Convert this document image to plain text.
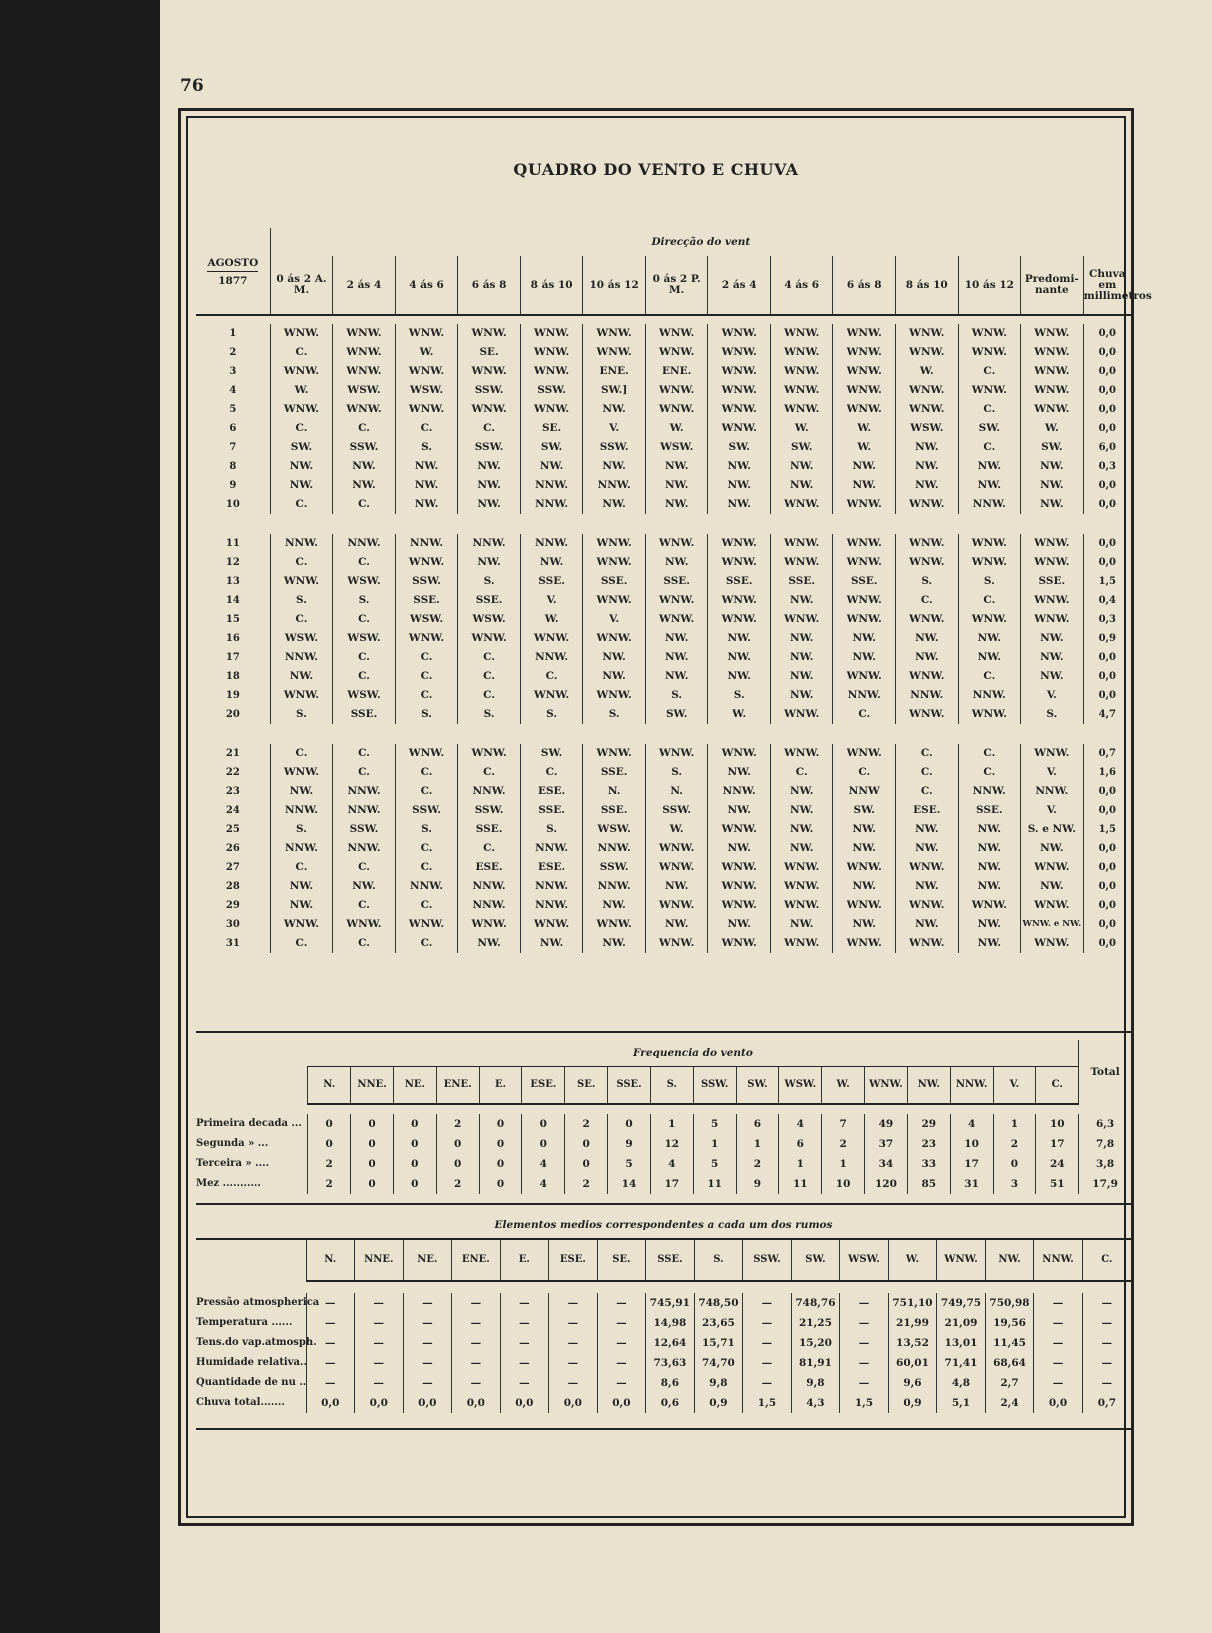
76
QUADRO DO VENTO E CHUVA
AGOSTO

1877	Direcção do vent													
	0 ás 2 A. M.	2 ás 4	4 ás 6	6 ás 8	8 ás 10	10 ás 12	0 ás 2 P. M.	2 ás 4	4 ás 6	6 ás 8	8 ás 10	10 ás 12	Predomi-nante	Chuva em millimetros

1	WNW.	WNW.	WNW.	WNW.	WNW.	WNW.	WNW.	WNW.	WNW.	WNW.	WNW.	WNW.	WNW.	0,0
2	C.	WNW.	W.	SE.	WNW.	WNW.	WNW.	WNW.	WNW.	WNW.	WNW.	WNW.	WNW.	0,0
3	WNW.	WNW.	WNW.	WNW.	WNW.	ENE.	ENE.	WNW.	WNW.	WNW.	W.	C.	WNW.	0,0
4	W.	WSW.	WSW.	SSW.	SSW.	SW.]	WNW.	WNW.	WNW.	WNW.	WNW.	WNW.	WNW.	0,0
5	WNW.	WNW.	WNW.	WNW.	WNW.	NW.	WNW.	WNW.	WNW.	WNW.	WNW.	C.	WNW.	0,0
6	C.	C.	C.	C.	SE.	V.	W.	WNW.	W.	W.	WSW.	SW.	W.	0,0
7	SW.	SSW.	S.	SSW.	SW.	SSW.	WSW.	SW.	SW.	W.	NW.	C.	SW.	6,0
8	NW.	NW.	NW.	NW.	NW.	NW.	NW.	NW.	NW.	NW.	NW.	NW.	NW.	0,3
9	NW.	NW.	NW.	NW.	NNW.	NNW.	NW.	NW.	NW.	NW.	NW.	NW.	NW.	0,0
10	C.	C.	NW.	NW.	NNW.	NW.	NW.	NW.	WNW.	WNW.	WNW.	NNW.	NW.	0,0

11	NNW.	NNW.	NNW.	NNW.	NNW.	WNW.	WNW.	WNW.	WNW.	WNW.	WNW.	WNW.	WNW.	0,0
12	C.	C.	WNW.	NW.	NW.	WNW.	NW.	WNW.	WNW.	WNW.	WNW.	WNW.	WNW.	0,0
13	WNW.	WSW.	SSW.	S.	SSE.	SSE.	SSE.	SSE.	SSE.	SSE.	S.	S.	SSE.	1,5
14	S.	S.	SSE.	SSE.	V.	WNW.	WNW.	WNW.	NW.	WNW.	C.	C.	WNW.	0,4
15	C.	C.	WSW.	WSW.	W.	V.	WNW.	WNW.	WNW.	WNW.	WNW.	WNW.	WNW.	0,3
16	WSW.	WSW.	WNW.	WNW.	WNW.	WNW.	NW.	NW.	NW.	NW.	NW.	NW.	NW.	0,9
17	NNW.	C.	C.	C.	NNW.	NW.	NW.	NW.	NW.	NW.	NW.	NW.	NW.	0,0
18	NW.	C.	C.	C.	C.	NW.	NW.	NW.	NW.	WNW.	WNW.	C.	NW.	0,0
19	WNW.	WSW.	C.	C.	WNW.	WNW.	S.	S.	NW.	NNW.	NNW.	NNW.	V.	0,0
20	S.	SSE.	S.	S.	S.	S.	SW.	W.	WNW.	C.	WNW.	WNW.	S.	4,7

21	C.	C.	WNW.	WNW.	SW.	WNW.	WNW.	WNW.	WNW.	WNW.	C.	C.	WNW.	0,7
22	WNW.	C.	C.	C.	C.	SSE.	S.	NW.	C.	C.	C.	C.	V.	1,6
23	NW.	NNW.	C.	NNW.	ESE.	N.	N.	NNW.	NW.	NNW	C.	NNW.	NNW.	0,0
24	NNW.	NNW.	SSW.	SSW.	SSE.	SSE.	SSW.	NW.	NW.	SW.	ESE.	SSE.	V.	0,0
25	S.	SSW.	S.	SSE.	S.	WSW.	W.	WNW.	NW.	NW.	NW.	NW.	S. e NW.	1,5
26	NNW.	NNW.	C.	C.	NNW.	NNW.	WNW.	NW.	NW.	NW.	NW.	NW.	NW.	0,0
27	C.	C.	C.	ESE.	ESE.	SSW.	WNW.	WNW.	WNW.	WNW.	WNW.	NW.	WNW.	0,0
28	NW.	NW.	NNW.	NNW.	NNW.	NNW.	NW.	WNW.	WNW.	NW.	NW.	NW.	NW.	0,0
29	NW.	C.	C.	NNW.	NNW.	NW.	WNW.	WNW.	WNW.	WNW.	WNW.	WNW.	WNW.	0,0
30	WNW.	WNW.	WNW.	WNW.	WNW.	WNW.	NW.	NW.	NW.	NW.	NW.	NW.	WNW. e NW.	0,0
31	C.	C.	C.	NW.	NW.	NW.	WNW.	WNW.	WNW.	WNW.	WNW.	NW.	WNW.	0,0
	Frequencia do vento																		Total
	N.	NNE.	NE.	ENE.	E.	ESE.	SE.	SSE.	S.	SSW.	SW.	WSW.	W.	WNW.	NW.	NNW.	V.	C.	

Primeira decada ...	0	0	0	2	0	0	2	0	1	5	6	4	7	49	29	4	1	10	6,3
Segunda » ...	0	0	0	0	0	0	0	9	12	1	1	6	2	37	23	10	2	17	7,8
Terceira » ....	2	0	0	0	0	4	0	5	4	5	2	1	1	34	33	17	0	24	3,8
Mez ...........	2	0	0	2	0	4	2	14	17	11	9	11	10	120	85	31	3	51	17,9
Elementos medios correspondentes a cada um dos rumos																	
	N.	NNE.	NE.	ENE.	E.	ESE.	SE.	SSE.	S.	SSW.	SW.	WSW.	W.	WNW.	NW.	NNW.	C.

Pressão atmospherica	—	—	—	—	—	—	—	745,91	748,50	—	748,76	—	751,10	749,75	750,98	—	—
Temperatura ......	—	—	—	—	—	—	—	14,98	23,65	—	21,25	—	21,99	21,09	19,56	—	—
Tens.do vap.atmosph.	—	—	—	—	—	—	—	12,64	15,71	—	15,20	—	13,52	13,01	11,45	—	—
Humidade relativa..	—	—	—	—	—	—	—	73,63	74,70	—	81,91	—	60,01	71,41	68,64	—	—
Quantidade de nu ..	—	—	—	—	—	—	—	8,6	9,8	—	9,8	—	9,6	4,8	2,7	—	—
Chuva total.......	0,0	0,0	0,0	0,0	0,0	0,0	0,0	0,6	0,9	1,5	4,3	1,5	0,9	5,1	2,4	0,0	0,7
